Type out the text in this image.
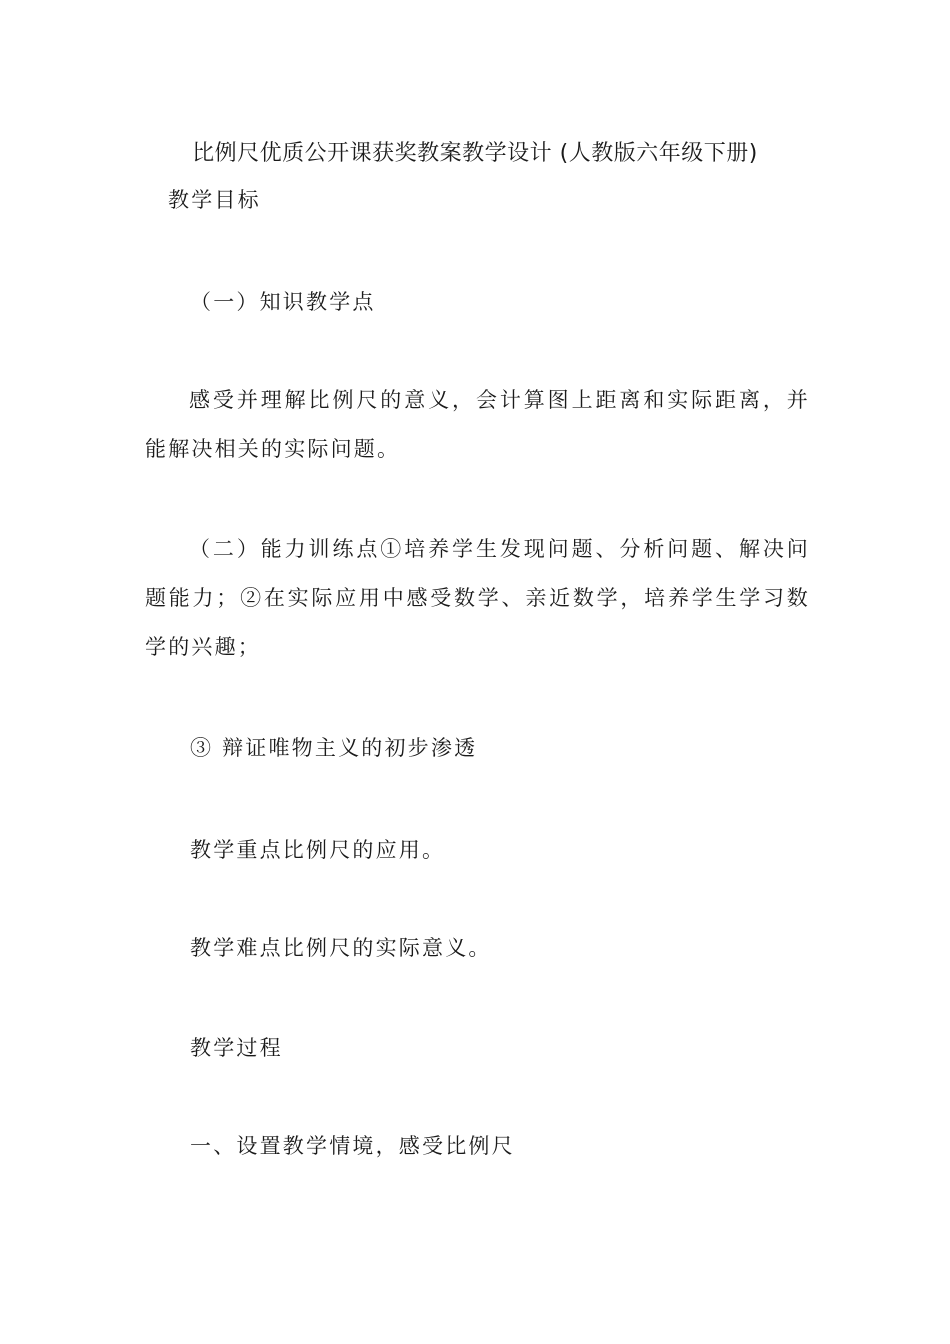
比例尺优质公开课获奖教案教学设计 (人教版六年级下册)
教学目标
（一）知识教学点
感受并理解比例尺的意义，会计算图上距离和实际距离，并能解决相关的实际问题。
（二）能力训练点①培养学生发现问题、分析问题、解决问题能力；②在实际应用中感受数学、亲近数学，培养学生学习数学的兴趣；
③ 辩证唯物主义的初步渗透
教学重点比例尺的应用。
教学难点比例尺的实际意义。
教学过程
一、设置教学情境，感受比例尺
